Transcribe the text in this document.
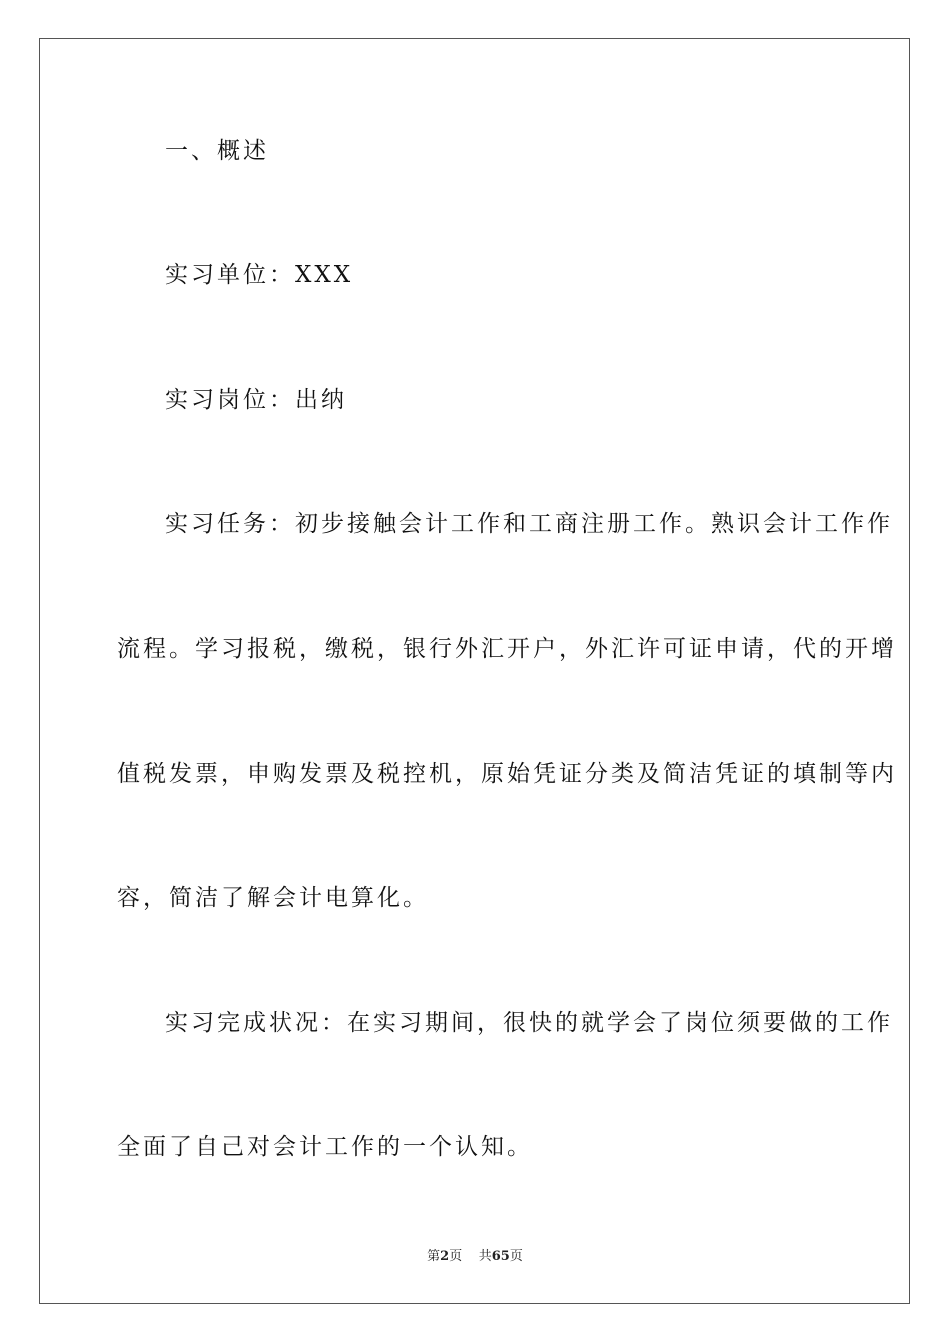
一、概述
实习单位：XXX
实习岗位：出纳
实习任务：初步接触会计工作和工商注册工作。熟识会计工作作
流程。学习报税，缴税，银行外汇开户，外汇许可证申请，代的开增
值税发票，申购发票及税控机，原始凭证分类及简洁凭证的填制等内
容，简洁了解会计电算化。
实习完成状况：在实习期间，很快的就学会了岗位须要做的工作
全面了自己对会计工作的一个认知。
第2页 共65页
